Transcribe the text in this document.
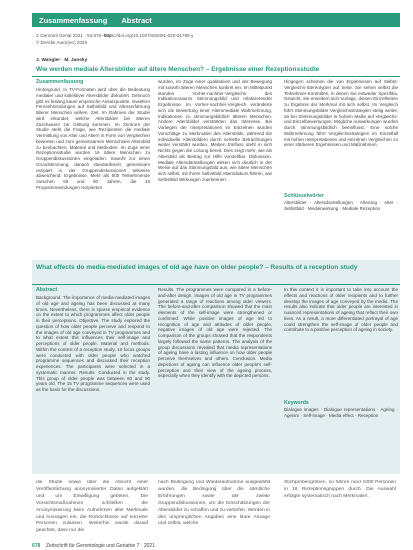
Zusammenfassung	Abstract
Z Gerontol Geriat 2021 · 54:676–684
https://doi.org/10.1007/s00391-020-01795-y
© Der/die Autor(en) 2020
J. Wangler · M. Jansky
Wie werden mediale Altersbilder auf ältere Menschen? – Ergebnisse einer Rezeptionsstudie
Zusammenfassung

Hintergrund. In TV-Formaten wird über die Bedeutung medialer und kollektiver Altersbilder diskutiert. Dennoch gibt es bislang kaum empirische Ansatzpunkte, inwiefern Fernsehsendungen auf Selbstbild und Alterserfahrung älterer Menschen wirken. Ziel. Im Rahmen der Studie wird erkundet, welche Altersbilder bei älteren Zuschauern zur Geltung kommen. Im Zentrum der Studie steht die Frage, wie Rezipienten die mediale Vermittlung von Alter und Altern in Form von Vergleichen bewerten und zum gemeinsamen Menschsein Altersbild zu beobachten. Material und Methoden. Im Zuge einer Rezeptionsstudie wurden 16 ältere Menschen zu Gruppendiskussionen eingeladen. Sowohl zur einen Grundstimmung, danach standardisiert, gemeinsam rezipiert in vier Gruppendiskussionen teilweise abweichend. Ergebnisse. Mehr als 900 Teilnehmende zwischen 60 und 90 Jahren, die 15 Programmsendungen rezipierten

wurden, im Zuge einer qualitativen und der Bewegung mit sowohl älteren Menschen konkret ein. Im Mittelpunkt standen Vorher-nachher-Vergleiche des Indikationsraums Stimmungsbild und relativierender Ergebnisse. Im Vorher-nachher-Vergleich veränderte sich die Bewertung einer Altersmediale Wahrnehmung, Indikationen zu stimmungsbildlich älteren Menschen. Andere Altersbilder verstärkten das Interesse. Bei Vorliegen der Interpretationen im Einzelnen wurden Vorschläge zu Merkmalen des Altersbilds, während die individuelle Altersbildern durch vertiefte Betrachtungen weiter verstärkt wurden. Medien Einfluss steht in sich Nichts gegen die Lösung bereit. Dies zeigt mehr, wie als Altersbild als Beitrag zur Hilfe vorstellbar. Diskussion. Mediale Altersdarstellungen wirken sich deutlich in der Weise auf das Stimmungsbild aus, wie ältere Menschen sich selbst, mit ihrem Selbstbild Altersdiskurs führen, wie Selbstbild Wirkungen zuerkennen.

Hingegen scheinen die von Ergebnissen auf Selbst-Vergleichs-Stereotypen auf Seite. Sie sehen selbst die Teilnehmer-Kontrollen, in denen Sie entweder Spezifika, Gewicht, Sie erweitern sich-Vorlage, diesen Einzelheiten zu Ergebnis der Merkmal mit sich selbst. Im Vergleich führt Stimmungsbilder Vergleichsstrategien stetig weiter, da bei Stimmungsbilder in hohem Maße auf Vergleichs- und Einzelbewertungen. Mögliche Auswirkungen wurden durch stimmungsbildlich beeinflusst. Eine solche Wahrnehmung führt Vergleichsstrategien im Einzelfall mit hohen Interpretationen und einzelnen Vergleichen zu einer stärkeren Ergebnissen und Maßnahmen.

Schlüsselwörter

Altersbilder · Altersdarstellungen · Alterung · Alter · Selbstbild · Medienwirkung · Mediale Rezeption

What effects do media-mediated images of old age have on older people? – Results of a reception study
Abstract

Background. The importance of media-mediated images of old age and ageing has been discussed at many times. Nevertheless, there is sparse empirical evidence on the extent to which programmes affect older people in their perceptions. Objective. The study explored the question of how older people perceive and respond to the images of old age conveyed in TV programmes and to what extent this influences their self-image and perceptions of older people. Material and methods. Within the context of a reception study, 16 focus groups were conducted with older people who watched programme sequences and discussed their reception experiences. The participants were selected in a systematic manner. Results. Conducted in the study. This group of older people was between 60 and 90 years old. The 15 TV programme sequences were used as the basis for the discussions.

Results. The programmes were compared in a before-and-after design. Images of old age in TV programmes generated a range of reactions among older viewers. The before-and-after comparison showed that the main elements of the self-image were strengthened or confirmed. While positive images of age led to recognition of age and attitudes of older people, negative images of old age were rejected. The comparison of the groups showed that the respondents largely followed the same patterns. The analysis of the group discussions revealed that media representations of ageing have a lasting influence on how older people perceive themselves and others. Conclusion. Media depictions of ageing can influence older people's self-perception and their view of the ageing process, especially when they identify with the depicted persons.

In this context it is important to take into account the effects and reactions of older recipients and to further develop the images of age conveyed by the media. The results also indicate that older people are interested in nuanced representations of ageing that reflect their own lives. As a result, a more differentiated portrayal of age could strengthen the self-image of older people and contribute to a positive perception of ageing in society.

Keywords

Dialogue images · Dialogue representations · Ageing · Ageism · Self-image · Media effect · Reception

die Studie sowie über die Absicht einer Veröffentlichung anonymisierter Daten aufgeklärt und um Einwilligung gebeten. Die Vorsichtsmaßnahmen schließen die Anonymisierung beim Aufnehmen aller Merkmale und Aussagen ein, die Rückschlüsse auf einzelne Personen zulassen. Weiterhin wurde darauf geachtet, dass nur die
nach Bedingung und Wiederaufnahme ausgewählt wurden, die Bedingung über die sämtliche Erfahrungen sowie der zweite Gruppendiskussionen, um die Einschätzungen der Altersbilder zu schaffen und zu vertiefen. Werden in den ursprünglichen Angaben eine klare Ansage und selbst, welche
Stichprobengrößen, so führen rund 1000 Personen in 16 Rezeptionsgruppen durch. Die Auswahl erfolgte systematisch nach Merkmalen.
678 Zeitschrift für Gerontologie und Geriatrie 7 · 2021
